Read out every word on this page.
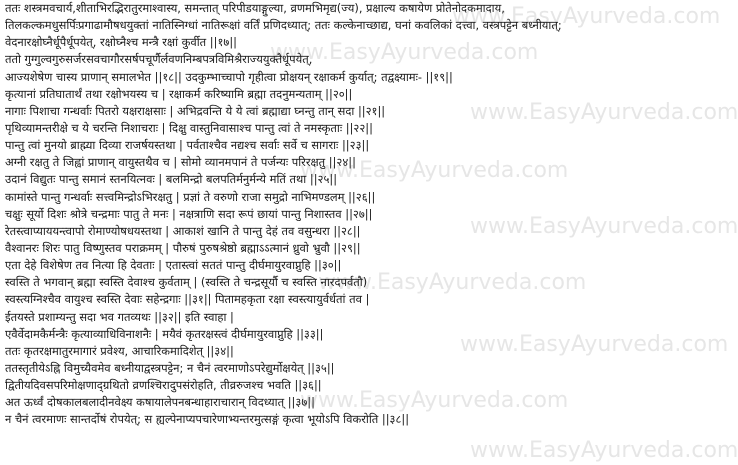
www.EasyAyurveda.com
www.EasyAyurveda.com
www.EasyAyurveda.com
www.EasyAyurveda.com
www.EasyAyurveda.com
www.EasyAyurveda.com
www.EasyAyurveda.com
www.EasyAyurveda.com
www.EasyAyurveda.com
ततः शस्त्रमवचार्य,शीताभिरद्भिरातुरमाश्वास्य, समन्तात् परिपीडयाङ्गुल्या, व्रणमभिमृद्य(ज्य), प्रक्षाल्य कषायेण प्रोतेनोदकमादाय,
तिलकल्कमधुसर्पिःप्रगाढामौषधयुक्तां नातिस्निग्धां नातिरूक्षां वर्तिं प्रणिदध्यात्; ततः कल्केनाच्छाद्य, घनां कवलिकां दत्त्वा, वस्त्रपट्टेन बध्नीयात्;
वेदनारक्षोघ्नैर्धूपैर्धूपयेत्, रक्षोघ्नैश्च मन्त्रै रक्षां कुर्वीत ||१७||
ततो गुग्गुल्वगुरुसर्जरसवचागौरसर्षपचूर्णैर्लवणनिम्बपत्रविमिश्रैराज्ययुक्तैर्धूपयेत्,
आज्यशेषेण चास्य प्राणान् समालभेत ||१८|| उदकुम्भाच्चापो गृहीत्वा प्रोक्षयन् रक्षाकर्म कुर्यात्; तद्वक्ष्यामः- ||१९||
कृत्यानां प्रतिघातार्थं तथा रक्षोभयस्य च | रक्षाकर्म करिष्यामि ब्रह्मा तदनुमन्यताम् ||२०||
नागाः पिशाचा गन्धर्वाः पितरो यक्षराक्षसाः | अभिद्रवन्ति ये ये त्वां ब्रह्माद्या घ्नन्तु तान् सदा ||२१||
पृथिव्यामन्तरीक्षे च ये चरन्ति निशाचराः | दिक्षु वास्तुनिवासाश्च पान्तु त्वां ते नमस्कृताः ||२२||
पान्तु त्वां मुनयो ब्राह्म्या दिव्या राजर्षयस्तथा | पर्वताश्चैव नद्यश्च सर्वाः सर्वे च सागराः ||२३||
अग्नी रक्षतु ते जिह्वां प्राणान् वायुस्तथैव च | सोमो व्यानमपानं ते पर्जन्यः परिरक्षतु ||२४||
उदानं विद्युतः पान्तु समानं स्तनयित्नवः | बलमिन्द्रो बलपतिर्मनुर्मन्ये मतिं तथा ||२५||
कामांस्ते पान्तु गन्धर्वाः सत्त्वमिन्द्रोऽभिरक्षतु | प्रज्ञां ते वरुणो राजा समुद्रो नाभिमण्डलम् ||२६||
चक्षुः सूर्यो दिशः श्रोत्रे चन्द्रमाः पातु ते मनः | नक्षत्राणि सदा रूपं छायां पान्तु निशास्तव ||२७||
रेतस्त्वाप्याययन्त्वापो रोमाण्योषधयस्तथा | आकाशं खानि ते पान्तु देहं तव वसुन्धरा ||२८||
वैश्वानरः शिरः पातु विष्णुस्तव पराक्रमम् | पौरुषं पुरुषश्रेष्ठो ब्रह्माऽऽत्मानं ध्रुवो भ्रुवौ ||२९||
एता देहे विशेषेण तव नित्या हि देवताः | एतास्त्वां सततं पान्तु दीर्घमायुरवाप्नुहि ||३०||
स्वस्ति ते भगवान् ब्रह्मा स्वस्ति देवाश्च कुर्वताम् | (स्वस्ति ते चन्द्रसूर्यौ च स्वस्ति नारदपर्वतौ)
स्वस्त्यग्निश्चैव वायुश्च स्वस्ति देवाः सहेन्द्रगाः ||३१|| पितामहकृता रक्षा स्वस्त्यायुर्वर्धतां तव |
ईतयस्ते प्रशाम्यन्तु सदा भव गतव्यथः ||३२|| इति स्वाहा |
एवैर्वेदामकैर्मन्त्रैः कृत्याव्याधिविनाशनैः | मयैवं कृतरक्षस्त्वं दीर्घमायुरवाप्नुहि ||३३||
ततः कृतरक्षमातुरमागारं प्रवेश्य, आचारिकमादिशेत् ||३४||
ततस्तृतीयेऽह्नि विमुच्यैवमेव बध्नीयाद्वस्त्रपट्टेन; न चैनं त्वरमाणोऽपरेद्युर्मोक्षयेत् ||३५||
द्वितीयदिवसपरिमोक्षणाद्ग्रथितो व्रणश्चिरादुपसंरोहति, तीव्ररुजश्च भवति ||३६||
अत ऊर्ध्वं दोषकालबलादीनवेक्ष्य कषायालेपनबन्धाहाराचारान् विदध्यात् ||३७||
न चैनं त्वरमाणः सान्तर्दोषं रोपयेत्; स ह्यल्पेनाप्यपचारेणाभ्यन्तरमुत्सङ्गं कृत्वा भूयोऽपि विकरोति ||३८||
